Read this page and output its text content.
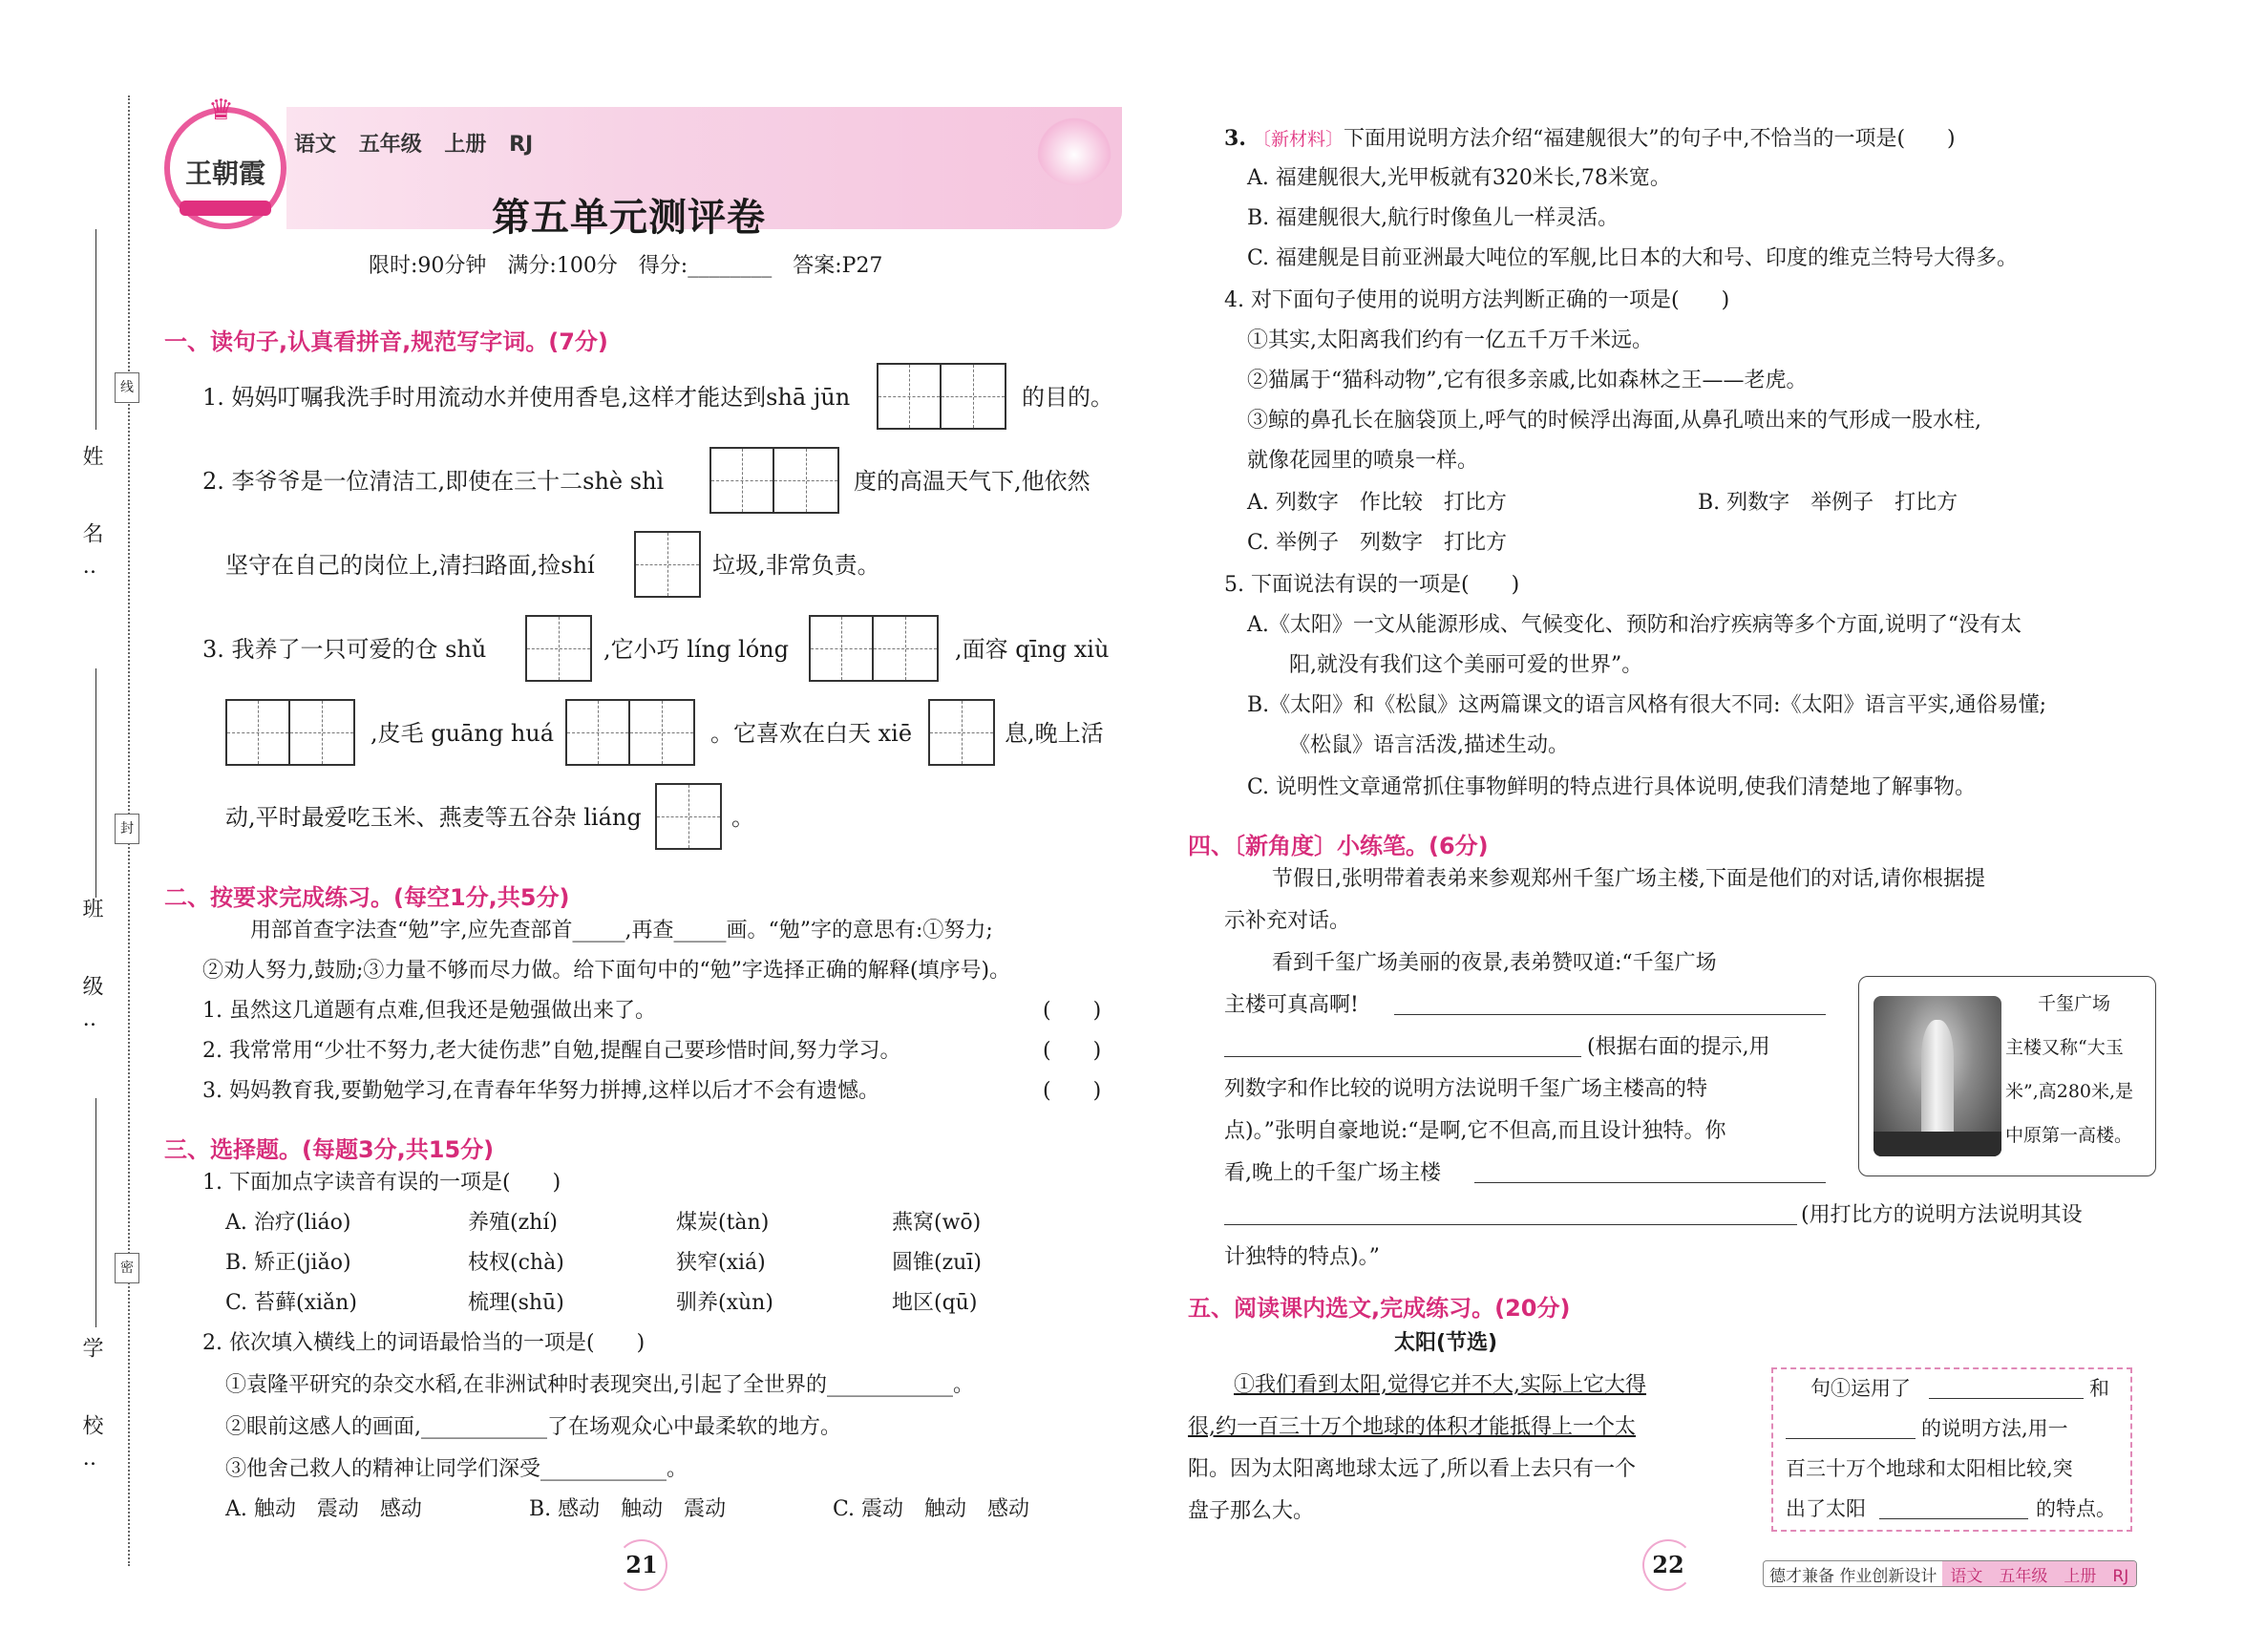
线
封
密
姓 名:
班 级:
学 校:
♛
王朝霞
语文 五年级 上册 RJ
第五单元测评卷
限时:90分钟　满分:100分　得分:________　答案:P27
一、读句子,认真看拼音,规范写字词。(7分)
1. 妈妈叮嘱我洗手时用流动水并使用香皂,这样才能达到shā jūn	的目的。
2. 李爷爷是一位清洁工,即使在三十二shè shì	度的高温天气下,他依然
坚守在自己的岗位上,清扫路面,捡shí	垃圾,非常负责。
3. 我养了一只可爱的仓 shǔ	,它小巧 líng lóng	,面容 qīng xiù
,皮毛 guāng huá	。它喜欢在白天 xiē	息,晚上活
动,平时最爱吃玉米、燕麦等五谷杂 liáng	。
二、按要求完成练习。(每空1分,共5分)
用部首查字法查“勉”字,应先查部首_____,再查_____画。“勉”字的意思有:①努力;
②劝人努力,鼓励;③力量不够而尽力做。给下面句中的“勉”字选择正确的解释(填序号)。
1. 虽然这几道题有点难,但我还是勉强做出来了。	(　　)
2. 我常常用“少壮不努力,老大徒伤悲”自勉,提醒自己要珍惜时间,努力学习。	(　　)
3. 妈妈教育我,要勤勉学习,在青春年华努力拼搏,这样以后才不会有遗憾。	(　　)
三、选择题。(每题3分,共15分)
1. 下面加点字读音有误的一项是(　　)
A. 治疗(liáo)	养殖(zhí)	煤炭(tàn)	燕窝(wō)
B. 矫正(jiǎo)	枝杈(chà)	狭窄(xiá)	圆锥(zuī)
C. 苔藓(xiǎn)	梳理(shū)	驯养(xùn)	地区(qū)
2. 依次填入横线上的词语最恰当的一项是(　　)
①袁隆平研究的杂交水稻,在非洲试种时表现突出,引起了全世界的____________。
②眼前这感人的画面,____________了在场观众心中最柔软的地方。
③他舍己救人的精神让同学们深受____________。
A. 触动　震动　感动	B. 感动　触动　震动	C. 震动　触动　感动
21
3. 〔新材料〕下面用说明方法介绍“福建舰很大”的句子中,不恰当的一项是(　　)
A. 福建舰很大,光甲板就有320米长,78米宽。
B. 福建舰很大,航行时像鱼儿一样灵活。
C. 福建舰是目前亚洲最大吨位的军舰,比日本的大和号、印度的维克兰特号大得多。
4. 对下面句子使用的说明方法判断正确的一项是(　　)
①其实,太阳离我们约有一亿五千万千米远。
②猫属于“猫科动物”,它有很多亲戚,比如森林之王——老虎。
③鲸的鼻孔长在脑袋顶上,呼气的时候浮出海面,从鼻孔喷出来的气形成一股水柱,
就像花园里的喷泉一样。
A. 列数字　作比较　打比方	B. 列数字　举例子　打比方
C. 举例子　列数字　打比方
5. 下面说法有误的一项是(　　)
A.《太阳》一文从能源形成、气候变化、预防和治疗疾病等多个方面,说明了“没有太
阳,就没有我们这个美丽可爱的世界”。
B.《太阳》和《松鼠》这两篇课文的语言风格有很大不同:《太阳》语言平实,通俗易懂;
《松鼠》语言活泼,描述生动。
C. 说明性文章通常抓住事物鲜明的特点进行具体说明,使我们清楚地了解事物。
四、〔新角度〕小练笔。(6分)
节假日,张明带着表弟来参观郑州千玺广场主楼,下面是他们的对话,请你根据提
示补充对话。
看到千玺广场美丽的夜景,表弟赞叹道:“千玺广场
主楼可真高啊!
(根据右面的提示,用
列数字和作比较的说明方法说明千玺广场主楼高的特
点)。”张明自豪地说:“是啊,它不但高,而且设计独特。你
看,晚上的千玺广场主楼
(用打比方的说明方法说明其设
计独特的特点)。”
千玺广场
主楼又称“大玉
米”,高280米,是
中原第一高楼。
五、阅读课内选文,完成练习。(20分)
太阳(节选)
①我们看到太阳,觉得它并不大,实际上它大得
很,约一百三十万个地球的体积才能抵得上一个太
阳。因为太阳离地球太远了,所以看上去只有一个
盘子那么大。
句①运用了	和
的说明方法,用一
百三十万个地球和太阳相比较,突
出了太阳	的特点。
22	德才兼备 作业创新设计 语文　五年级　上册　RJ
